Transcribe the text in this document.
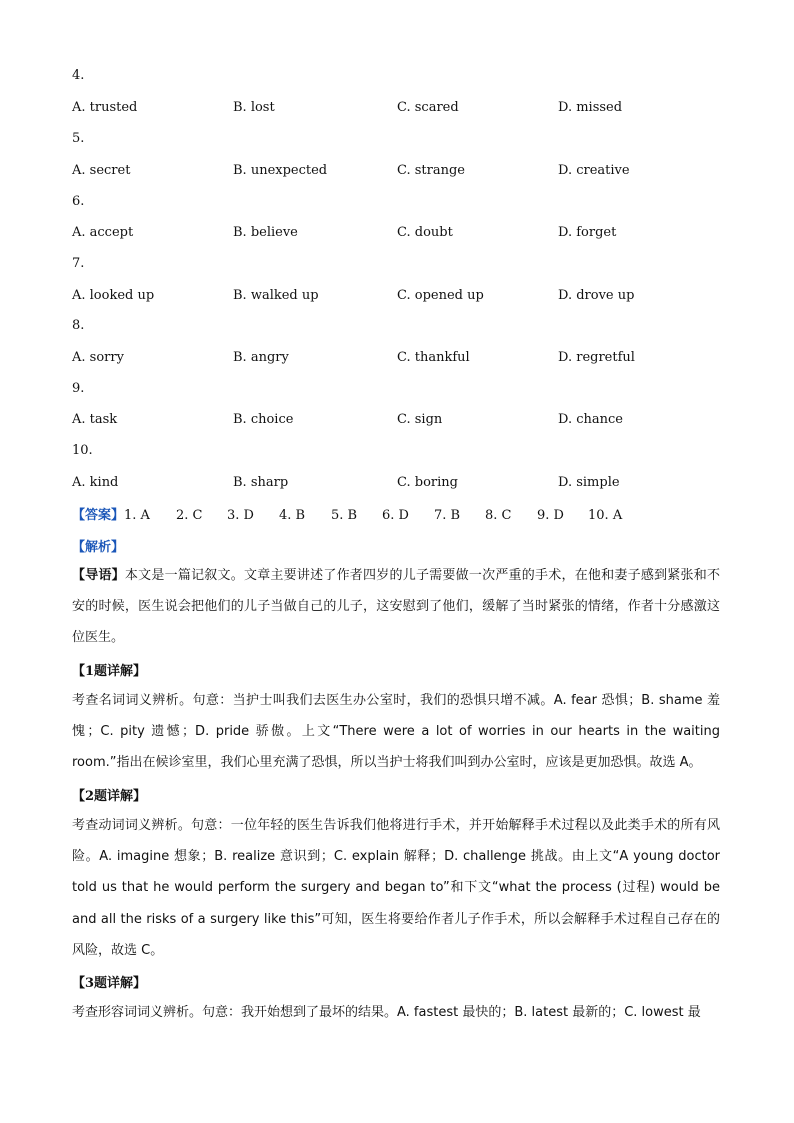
4.
A. trusted	B. lost	C. scared	D. missed
5.
A. secret	B. unexpected	C. strange	D. creative
6.
A. accept	B. believe	C. doubt	D. forget
7.
A. looked up	B. walked up	C. opened up	D. drove up
8.
A. sorry	B. angry	C. thankful	D. regretful
9.
A. task	B. choice	C. sign	D. chance
10.
A. kind	B. sharp	C. boring	D. simple
【答案】1. A 2. C 3. D 4. B 5. B 6. D 7. B 8. C 9. D 10. A
【解析】
【导语】本文是一篇记叙文。文章主要讲述了作者四岁的儿子需要做一次严重的手术，在他和妻子感到紧张和不安的时候，医生说会把他们的儿子当做自己的儿子，这安慰到了他们，缓解了当时紧张的情绪，作者十分感激这位医生。
【1题详解】
考查名词词义辨析。句意：当护士叫我们去医生办公室时，我们的恐惧只增不减。A. fear 恐惧；B. shame 羞愧；C. pity 遗憾；D. pride 骄傲。上文“There were a lot of worries in our hearts in the waiting room.”指出在候诊室里，我们心里充满了恐惧，所以当护士将我们叫到办公室时，应该是更加恐惧。故选 A。
【2题详解】
考查动词词义辨析。句意：一位年轻的医生告诉我们他将进行手术，并开始解释手术过程以及此类手术的所有风险。A. imagine 想象；B. realize 意识到；C. explain 解释；D. challenge 挑战。由上文“A young doctor told us that he would perform the surgery and began to”和下文“what the process (过程) would be and all the risks of a surgery like this”可知，医生将要给作者儿子作手术，所以会解释手术过程自己存在的风险，故选 C。
【3题详解】
考查形容词词义辨析。句意：我开始想到了最坏的结果。A. fastest 最快的；B. latest 最新的；C. lowest 最
